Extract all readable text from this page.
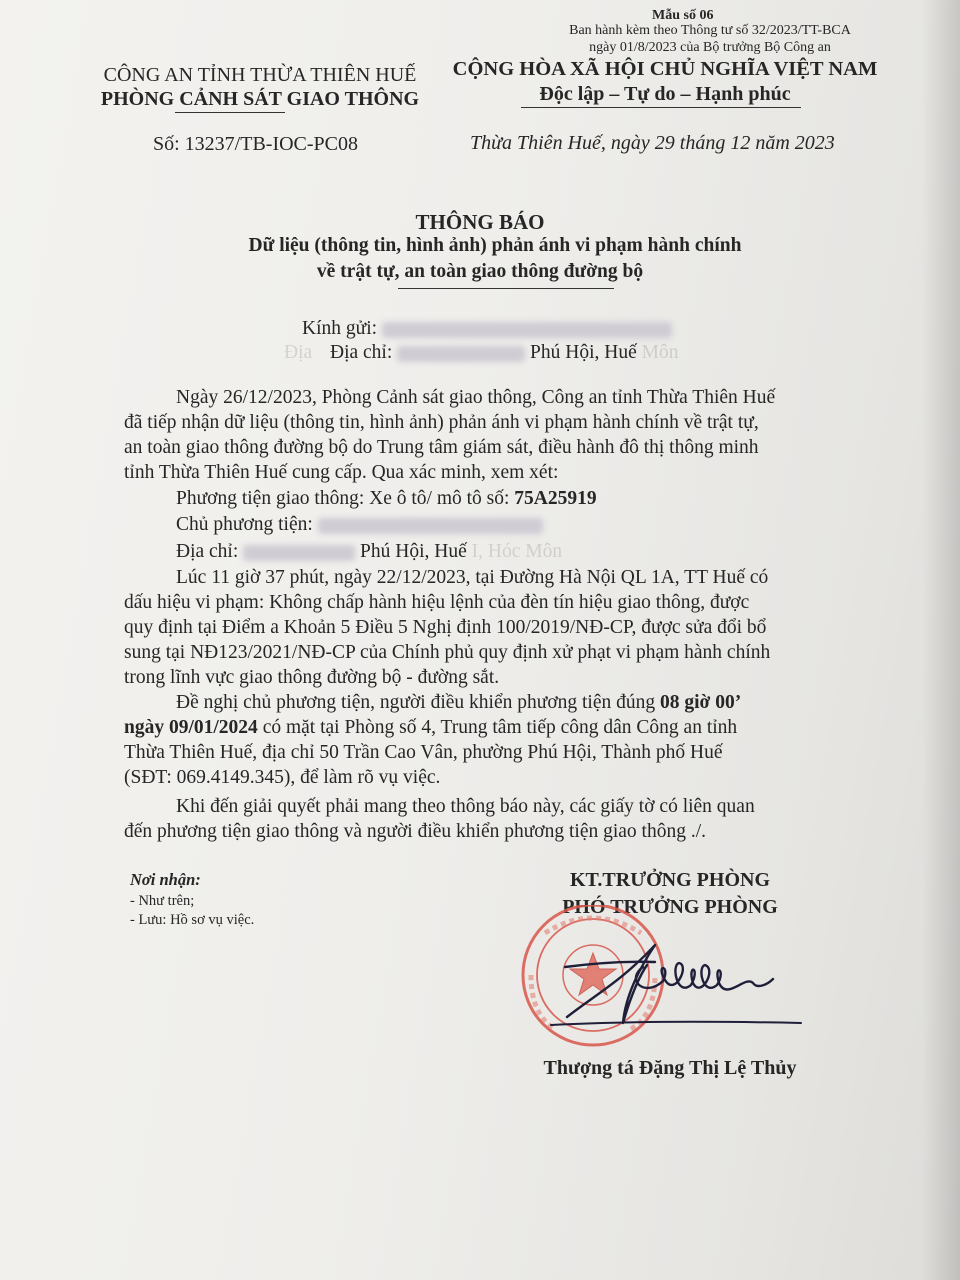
Mẫu số 06
Ban hành kèm theo Thông tư số 32/2023/TT-BCA
ngày 01/8/2023 của Bộ trưởng Bộ Công an
CÔNG AN TỈNH THỪA THIÊN HUẾ
PHÒNG CẢNH SÁT GIAO THÔNG
Số: 13237/TB-IOC-PC08
CỘNG HÒA XÃ HỘI CHỦ NGHĨA VIỆT NAM
Độc lập – Tự do – Hạnh phúc
Thừa Thiên Huế, ngày 29 tháng 12 năm 2023
THÔNG BÁO
Dữ liệu (thông tin, hình ảnh) phản ánh vi phạm hành chính
về trật tự, an toàn giao thông đường bộ
Kính gửi:
Địa Địa chỉ:	Phú Hội, Huế Môn
Ngày 26/12/2023, Phòng Cảnh sát giao thông, Công an tỉnh Thừa Thiên Huế
đã tiếp nhận dữ liệu (thông tin, hình ảnh) phản ánh vi phạm hành chính về trật tự,
an toàn giao thông đường bộ do Trung tâm giám sát, điều hành đô thị thông minh
tỉnh Thừa Thiên Huế cung cấp. Qua xác minh, xem xét:
Phương tiện giao thông: Xe ô tô/ mô tô số: 75A25919
Chủ phương tiện:
Địa chỉ:	Phú Hội, Huế I, Hóc Môn
Lúc 11 giờ 37 phút, ngày 22/12/2023, tại Đường Hà Nội QL 1A, TT Huế có
dấu hiệu vi phạm: Không chấp hành hiệu lệnh của đèn tín hiệu giao thông, được
quy định tại Điểm a Khoản 5 Điều 5 Nghị định 100/2019/NĐ-CP, được sửa đổi bổ
sung tại NĐ123/2021/NĐ-CP của Chính phủ quy định xử phạt vi phạm hành chính
trong lĩnh vực giao thông đường bộ - đường sắt.
Đề nghị chủ phương tiện, người điều khiển phương tiện đúng 08 giờ 00’
ngày 09/01/2024 có mặt tại Phòng số 4, Trung tâm tiếp công dân Công an tỉnh
Thừa Thiên Huế, địa chỉ 50 Trần Cao Vân, phường Phú Hội, Thành phố Huế
(SĐT: 069.4149.345), để làm rõ vụ việc.
Khi đến giải quyết phải mang theo thông báo này, các giấy tờ có liên quan
đến phương tiện giao thông và người điều khiển phương tiện giao thông ./.
Nơi nhận:
- Như trên;
- Lưu: Hồ sơ vụ việc.
KT.TRƯỞNG PHÒNG
PHÓ TRƯỞNG PHÒNG
Thượng tá Đặng Thị Lệ Thủy
